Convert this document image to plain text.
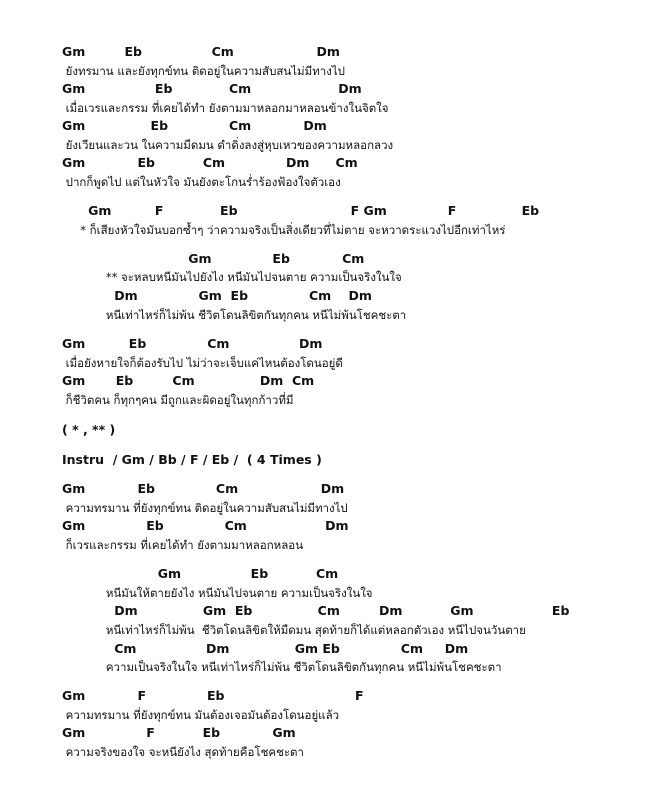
Gm         Eb                Cm                   Dm
ยังทรมาน และยังทุกข์ทน ติดอยู่ในความสับสนไม่มีทางไป
Gm                Eb             Cm                    Dm
เมื่อเวรและกรรม ที่เคยได้ทำ ยังตามมาหลอกมาหลอนข้างในจิตใจ
Gm               Eb              Cm            Dm
ยังเวียนและวน ในความมืดมน ดำดิ่งลงสู่หุบเหวของความหลอกลวง
Gm            Eb           Cm              Dm      Cm
ปากก็พูดไป แต่ในหัวใจ มันยังตะโกนร่ำร้องฟ้องใจตัวเอง
Gm          F             Eb                          F Gm              F               Eb
* ก็เสียงหัวใจมันบอกซ้ำๆ ว่าความจริงเป็นสิ่งเดียวที่ไม่ตาย จะหวาดระแวงไปอีกเท่าไหร่
Gm              Eb            Cm
** จะหลบหนีมันไปยังไง หนีมันไปจนตาย ความเป็นจริงในใจ
Dm              Gm  Eb              Cm    Dm
หนีเท่าไหร่ก็ไม่พ้น ชีวิตโดนลิขิตกันทุกคน หนีไม่พ้นโชคชะตา
Gm          Eb              Cm                Dm
เมื่อยังหายใจก็ต้องรับไป ไม่ว่าจะเจ็บแค่ไหนต้องโดนอยู่ดี
Gm       Eb         Cm               Dm  Cm
ก็ชีวิตคน ก็ทุกๆคน มีถูกและผิดอยู่ในทุกก้าวที่มี
( * , ** )
Instru  / Gm / Bb / F / Eb /  ( 4 Times )
Gm            Eb              Cm                   Dm
ความทรมาน ที่ยังทุกข์ทน ติดอยู่ในความสับสนไม่มีทางไป
Gm              Eb              Cm                  Dm
ก็เวรและกรรม ที่เคยได้ทำ ยังตามมาหลอกหลอน
Gm                Eb           Cm
หนีมันให้ตายยังไง หนีมันไปจนตาย ความเป็นจริงในใจ
Dm               Gm  Eb               Cm         Dm           Gm                  Eb
หนีเท่าไหร่ก็ไม่พ้น  ชีวิตโดนลิขิตให้มืดมน สุดท้ายก็ได้แต่หลอกตัวเอง หนีไปจนวันตาย
Cm                Dm               Gm Eb              Cm     Dm
ความเป็นจริงในใจ หนีเท่าไหร่ก็ไม่พ้น ชีวิตโดนลิขิตกันทุกคน หนีไม่พ้นโชคชะตา
Gm            F              Eb                              F
ความทรมาน ที่ยังทุกข์ทน มันต้องเจอมันต้องโดนอยู่แล้ว
Gm              F           Eb            Gm
ความจริงของใจ จะหนียังไง สุดท้ายคือโชคชะตา
